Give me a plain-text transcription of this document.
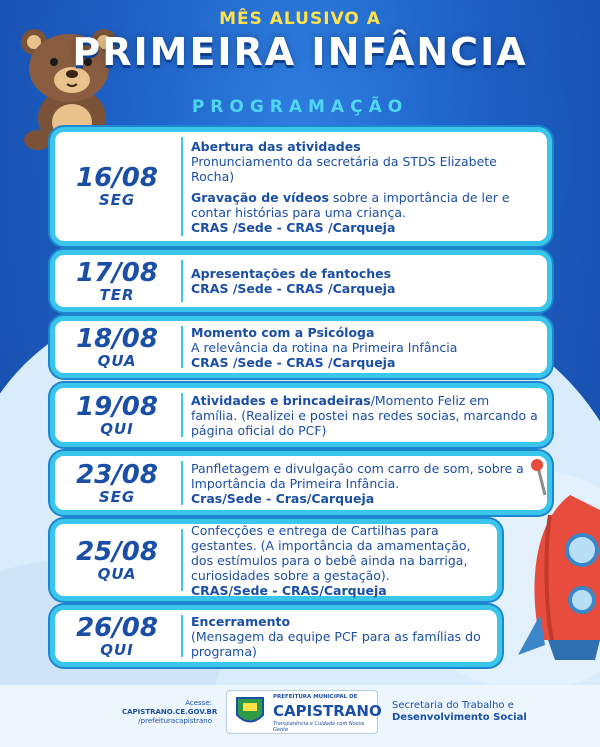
MÊS ALUSIVO A
PRIMEIRA INFÂNCIA
PROGRAMAÇÃO
16/08
SEG
Abertura das atividades
Pronunciamento da secretária da STDS Elizabete Rocha)
Gravação de vídeos sobre a importância de ler e contar histórias para uma criança.
CRAS /Sede - CRAS /Carqueja
17/08
TER
Apresentações de fantoches
CRAS /Sede - CRAS /Carqueja
18/08
QUA
Momento com a Psicóloga
A relevância da rotina na Primeira Infância
CRAS /Sede - CRAS /Carqueja
19/08
QUI
Atividades e brincadeiras/Momento Feliz em família. (Realizei e postei nas redes socias, marcando a página oficial do PCF)
23/08
SEG
Panfletagem e divulgação com carro de som, sobre a Importância da Primeira Infância.
Cras/Sede - Cras/Carqueja
25/08
QUA
Confecções e entrega de Cartilhas para gestantes. (A importância da amamentação, dos estímulos para o bebê ainda na barriga, curiosidades sobre a gestação).
CRAS/Sede - CRAS/Carqueja
26/08
QUI
Encerramento
(Mensagem da equipe PCF para as famílias do programa)
Acesse:
CAPISTRANO.CE.GOV.BR
/prefeituracapistrano
PREFEITURA MUNICIPAL DE
CAPISTRANO
Transparência e Cuidado com Nossa Gente
Secretaria do Trabalho e
Desenvolvimento Social
